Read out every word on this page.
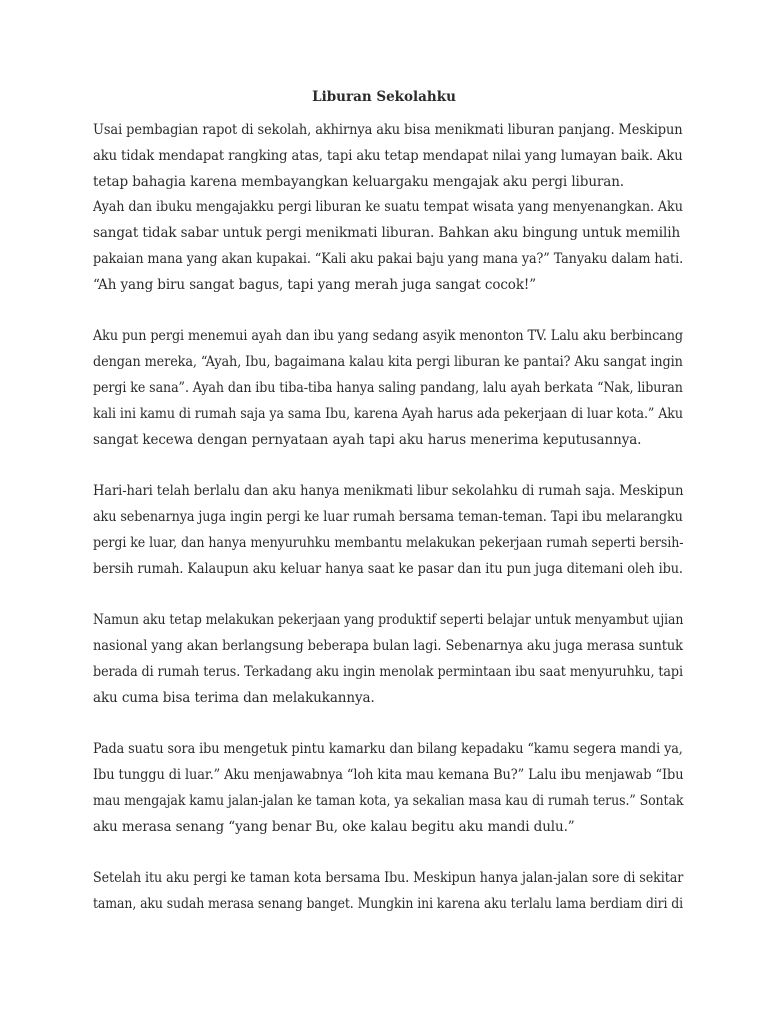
Liburan Sekolahku

Usai pembagian rapot di sekolah, akhirnya aku bisa menikmati liburan panjang. Meskipun
aku tidak mendapat rangking atas, tapi aku tetap mendapat nilai yang lumayan baik. Aku
tetap bahagia karena membayangkan keluargaku mengajak aku pergi liburan.

Ayah dan ibuku mengajakku pergi liburan ke suatu tempat wisata yang menyenangkan. Aku
sangat tidak sabar untuk pergi menikmati liburan. Bahkan aku bingung untuk memilih
pakaian mana yang akan kupakai. “Kali aku pakai baju yang mana ya?” Tanyaku dalam hati.
“Ah yang biru sangat bagus, tapi yang merah juga sangat cocok!”

Aku pun pergi menemui ayah dan ibu yang sedang asyik menonton TV. Lalu aku berbincang
dengan mereka, “Ayah, Ibu, bagaimana kalau kita pergi liburan ke pantai? Aku sangat ingin
pergi ke sana”. Ayah dan ibu tiba-tiba hanya saling pandang, lalu ayah berkata “Nak, liburan
kali ini kamu di rumah saja ya sama Ibu, karena Ayah harus ada pekerjaan di luar kota.” Aku
sangat kecewa dengan pernyataan ayah tapi aku harus menerima keputusannya.

Hari-hari telah berlalu dan aku hanya menikmati libur sekolahku di rumah saja. Meskipun
aku sebenarnya juga ingin pergi ke luar rumah bersama teman-teman. Tapi ibu melarangku
pergi ke luar, dan hanya menyuruhku membantu melakukan pekerjaan rumah seperti bersih-
bersih rumah. Kalaupun aku keluar hanya saat ke pasar dan itu pun juga ditemani oleh ibu.

Namun aku tetap melakukan pekerjaan yang produktif seperti belajar untuk menyambut ujian
nasional yang akan berlangsung beberapa bulan lagi. Sebenarnya aku juga merasa suntuk
berada di rumah terus. Terkadang aku ingin menolak permintaan ibu saat menyuruhku, tapi
aku cuma bisa terima dan melakukannya.

Pada suatu sora ibu mengetuk pintu kamarku dan bilang kepadaku “kamu segera mandi ya,
Ibu tunggu di luar.” Aku menjawabnya “loh kita mau kemana Bu?” Lalu ibu menjawab “Ibu
mau mengajak kamu jalan-jalan ke taman kota, ya sekalian masa kau di rumah terus.” Sontak
aku merasa senang “yang benar Bu, oke kalau begitu aku mandi dulu.”

Setelah itu aku pergi ke taman kota bersama Ibu. Meskipun hanya jalan-jalan sore di sekitar
taman, aku sudah merasa senang banget. Mungkin ini karena aku terlalu lama berdiam diri di
